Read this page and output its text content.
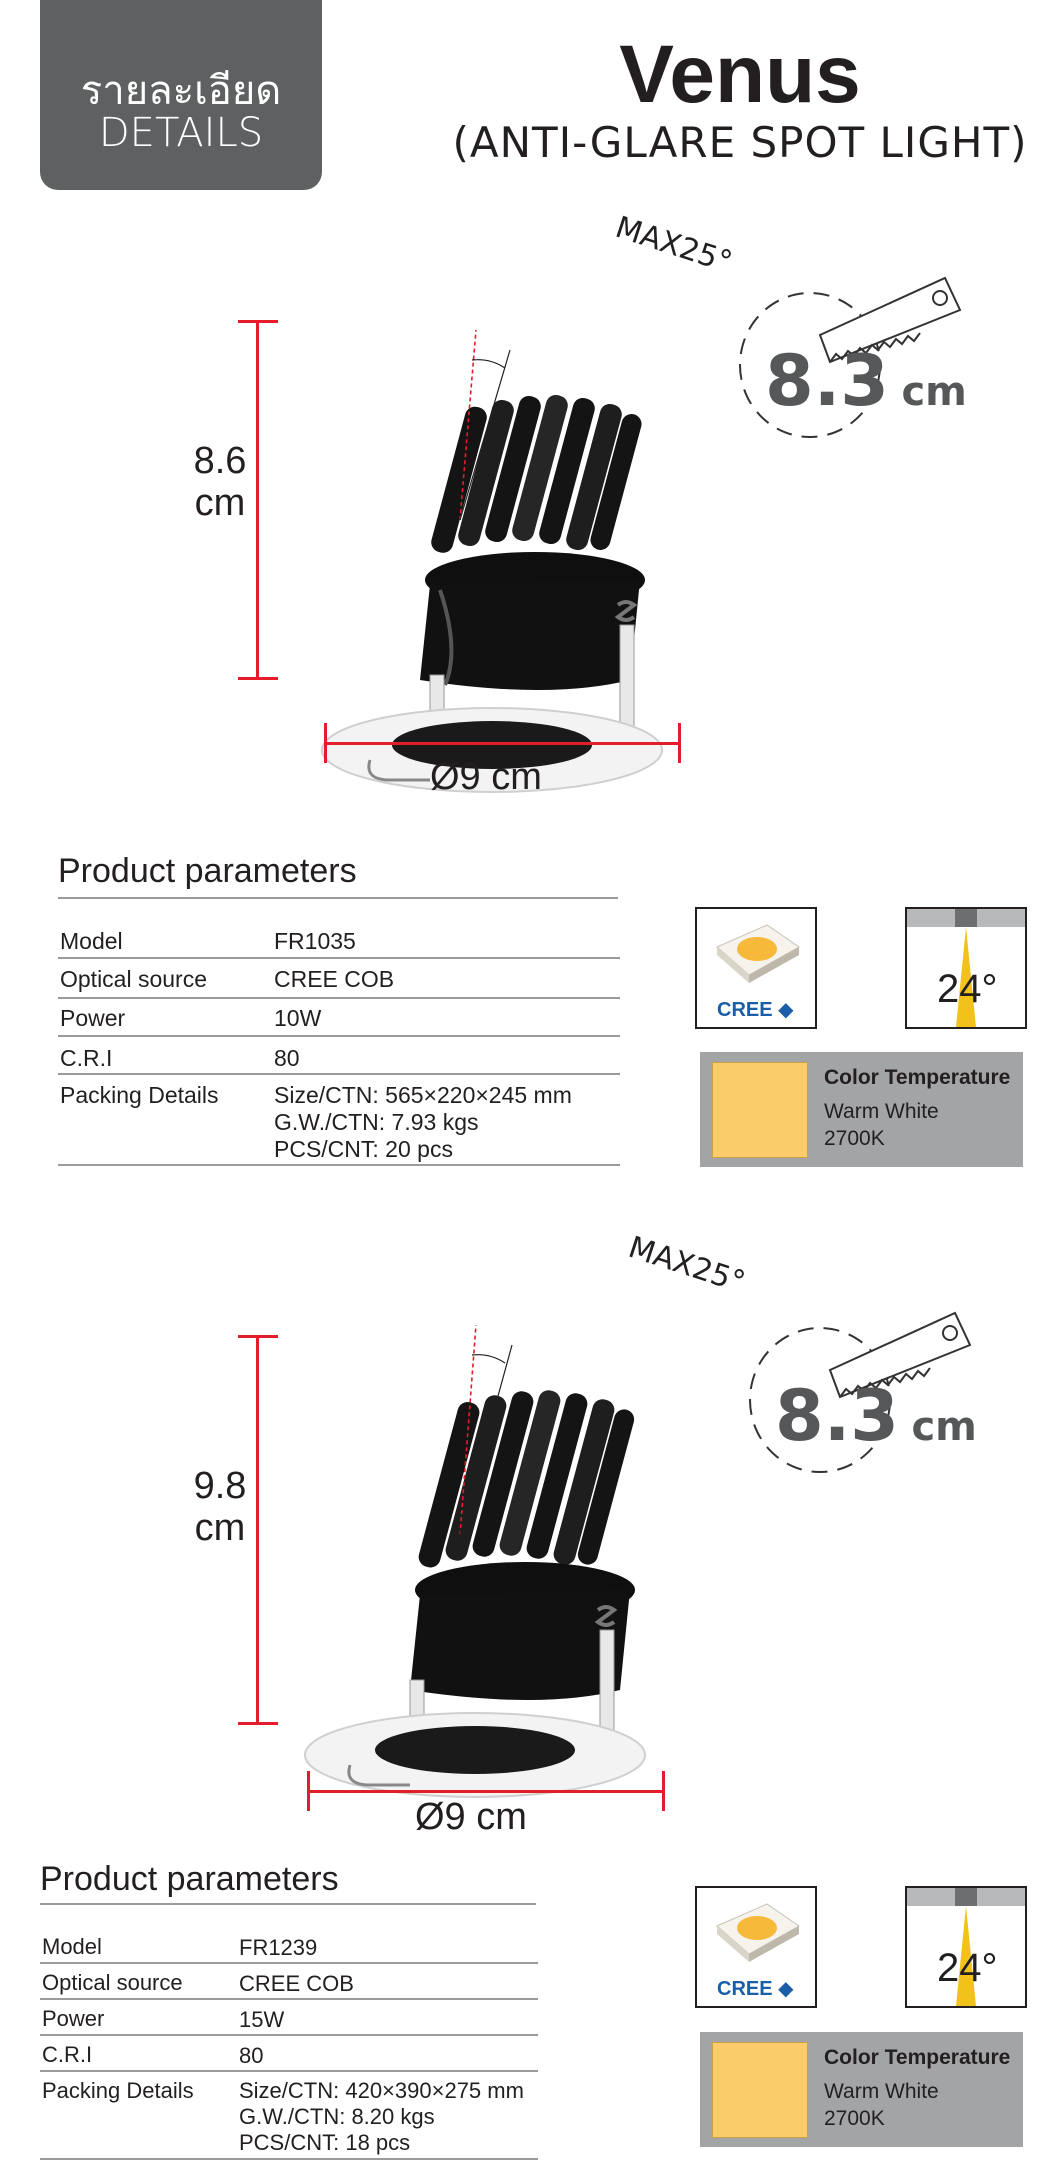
รายละเอียด
DETAILS
Venus
(ANTI-GLARE SPOT LIGHT)
MAX25°
8.6
cm
Ø9 cm
8.3 cm
Product parameters
Model	FR1035
Optical source	CREE COB
Power	10W
C.R.I	80
Packing Details Size/CTN: 565×220×245 mm
G.W./CTN: 7.93 kgs
PCS/CNT: 20 pcs
CREE ◆	24°
Color Temperature
Warm White
2700K
MAX25°
9.8
cm
Ø9 cm
8.3 cm
Product parameters
Model	FR1239
Optical source	CREE COB
Power	15W
C.R.I	80
Packing Details Size/CTN: 420×390×275 mm
G.W./CTN: 8.20 kgs
PCS/CNT: 18 pcs
CREE ◆	24°
Color Temperature
Warm White
2700K
